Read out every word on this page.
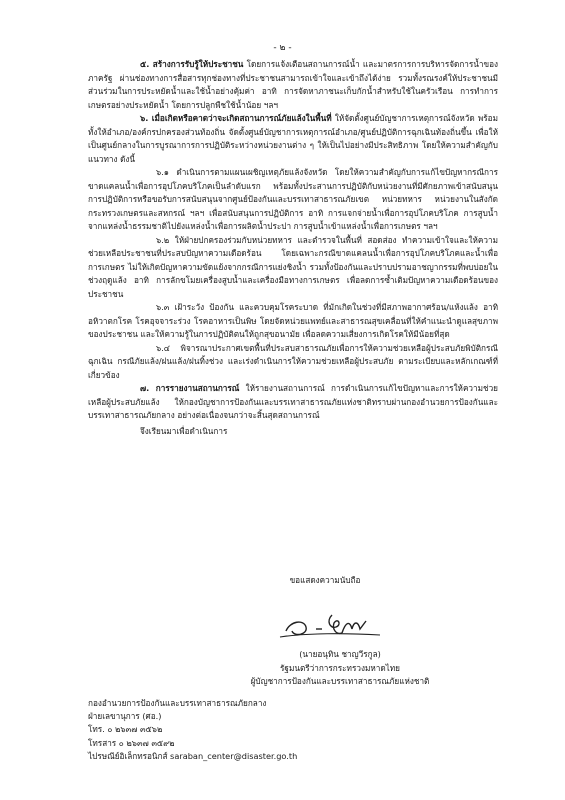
- ๒ -

๕. สร้างการรับรู้ให้ประชาชน โดยการแจ้งเตือนสถานการณ์น้ำ และมาตรการการบริหารจัดการน้ำของภาครัฐ ผ่านช่องทางการสื่อสารทุกช่องทางที่ประชาชนสามารถเข้าใจและเข้าถึงได้ง่าย รวมทั้งรณรงค์ให้ประชาชนมีส่วนร่วมในการประหยัดน้ำและใช้น้ำอย่างคุ้มค่า อาทิ การจัดหาภาชนะเก็บกักน้ำสำหรับใช้ในครัวเรือน การทำการเกษตรอย่างประหยัดน้ำ โดยการปลูกพืชใช้น้ำน้อย ฯลฯ

๖. เมื่อเกิดหรือคาดว่าจะเกิดสถานการณ์ภัยแล้งในพื้นที่ ให้จัดตั้งศูนย์บัญชาการเหตุการณ์จังหวัด พร้อมทั้งให้อำเภอ/องค์กรปกครองส่วนท้องถิ่น จัดตั้งศูนย์บัญชาการเหตุการณ์อำเภอ/ศูนย์ปฏิบัติการฉุกเฉินท้องถิ่นขึ้น เพื่อให้เป็นศูนย์กลางในการบูรณาการการปฏิบัติระหว่างหน่วยงานต่าง ๆ ให้เป็นไปอย่างมีประสิทธิภาพ โดยให้ความสำคัญกับแนวทาง ดังนี้

๖.๑ ดำเนินการตามแผนเผชิญเหตุภัยแล้งจังหวัด โดยให้ความสำคัญกับการแก้ไขปัญหากรณีการขาดแคลนน้ำเพื่อการอุปโภคบริโภคเป็นลำดับแรก พร้อมทั้งประสานการปฏิบัติกับหน่วยงานที่มีศักยภาพเข้าสนับสนุนการปฏิบัติการหรือขอรับการสนับสนุนจากศูนย์ป้องกันและบรรเทาสาธารณภัยเขต หน่วยทหาร หน่วยงานในสังกัด กระทรวงเกษตรและสหกรณ์ ฯลฯ เพื่อสนับสนุนการปฏิบัติการ อาทิ การแจกจ่ายน้ำเพื่อการอุปโภคบริโภค การสูบน้ำจากแหล่งน้ำธรรมชาติไปยังแหล่งน้ำเพื่อการผลิตน้ำประปา การสูบน้ำเข้าแหล่งน้ำเพื่อการเกษตร ฯลฯ

๖.๒ ให้ฝ่ายปกครองร่วมกับหน่วยทหาร และตำรวจในพื้นที่ สอดส่อง ทำความเข้าใจและให้ความช่วยเหลือประชาชนที่ประสบปัญหาความเดือดร้อน โดยเฉพาะกรณีขาดแคลนน้ำเพื่อการอุปโภคบริโภคและน้ำเพื่อการเกษตร ไม่ให้เกิดปัญหาความขัดแย้งจากกรณีการแย่งชิงน้ำ รวมทั้งป้องกันและปราบปรามอาชญากรรมที่พบบ่อยในช่วงฤดูแล้ง อาทิ การลักขโมยเครื่องสูบน้ำและเครื่องมือทางการเกษตร เพื่อลดการซ้ำเติมปัญหาความเดือดร้อนของประชาชน

๖.๓ เฝ้าระวัง ป้องกัน และควบคุมโรคระบาด ที่มักเกิดในช่วงที่มีสภาพอากาศร้อน/แห้งแล้ง อาทิ อหิวาตกโรค โรคอุจจาระร่วง โรคอาหารเป็นพิษ โดยจัดหน่วยแพทย์และสาธารณสุขเคลื่อนที่ให้คำแนะนำดูแลสุขภาพของประชาชน และให้ความรู้ในการปฏิบัติตนให้ถูกสุขอนามัย เพื่อลดความเสี่ยงการเกิดโรคให้มีน้อยที่สุด

๖.๔ พิจารณาประกาศเขตพื้นที่ประสบสาธารณภัยเพื่อการให้ความช่วยเหลือผู้ประสบภัยพิบัติกรณีฉุกเฉิน กรณีภัยแล้ง/ฝนแล้ง/ฝนทิ้งช่วง และเร่งดำเนินการให้ความช่วยเหลือผู้ประสบภัย ตามระเบียบและหลักเกณฑ์ที่เกี่ยวข้อง

๗. การรายงานสถานการณ์ ให้รายงานสถานการณ์ การดำเนินการแก้ไขปัญหาและการให้ความช่วยเหลือผู้ประสบภัยแล้ง ให้กองบัญชาการป้องกันและบรรเทาสาธารณภัยแห่งชาติทราบผ่านกองอำนวยการป้องกันและบรรเทาสาธารณภัยกลาง อย่างต่อเนื่องจนกว่าจะสิ้นสุดสถานการณ์

จึงเรียนมาเพื่อดำเนินการ

ขอแสดงความนับถือ
(นายอนุทิน ชาญวีรกูล)
รัฐมนตรีว่าการกระทรวงมหาดไทย
ผู้บัญชาการป้องกันและบรรเทาสาธารณภัยแห่งชาติ
กองอำนวยการป้องกันและบรรเทาสาธารณภัยกลาง
ฝ่ายเลขานุการ (ศอ.)
โทร. ๐ ๒๖๓๗ ๓๕๖๒
โทรสาร ๐ ๒๖๓๗ ๓๕๙๒
ไปรษณีย์อิเล็กทรอนิกส์ saraban_center@disaster.go.th
